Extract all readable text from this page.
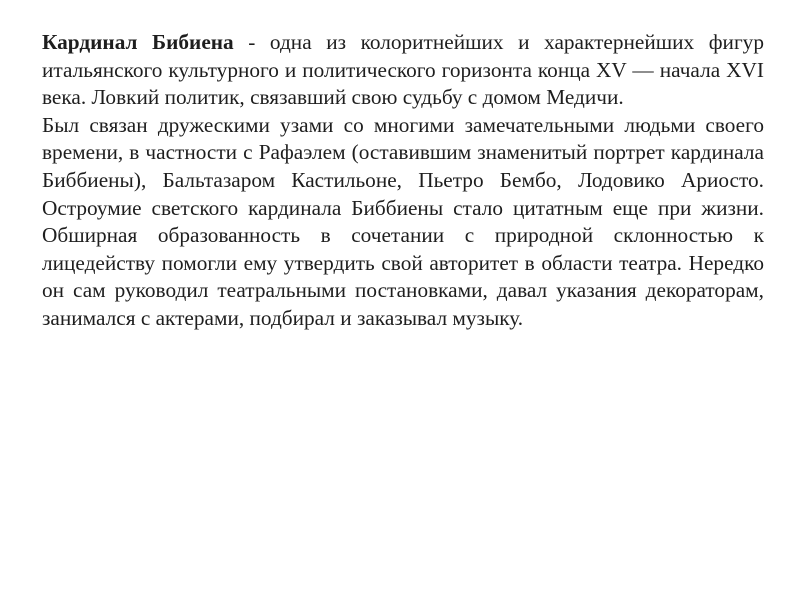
Кардинал Бибиена - одна из колоритнейших и характернейших фигур итальянского культурного и политического горизонта конца XV — начала XVI века. Ловкий политик, связавший свою судьбу с домом Медичи.

Был связан дружескими узами со многими замечательными людьми своего времени, в частности с Рафаэлем (оставившим знаменитый портрет кардинала Биббиены), Бальтазаром Кастильоне, Пьетро Бембо, Лодовико Ариосто. Остроумие светского кардинала Биббиены стало цитатным еще при жизни. Обширная образованность в сочетании с природной склонностью к лицедейству помогли ему утвердить свой авторитет в области театра. Нередко он сам руководил театральными постановками, давал указания декораторам, занимался с актерами, подбирал и заказывал музыку.
